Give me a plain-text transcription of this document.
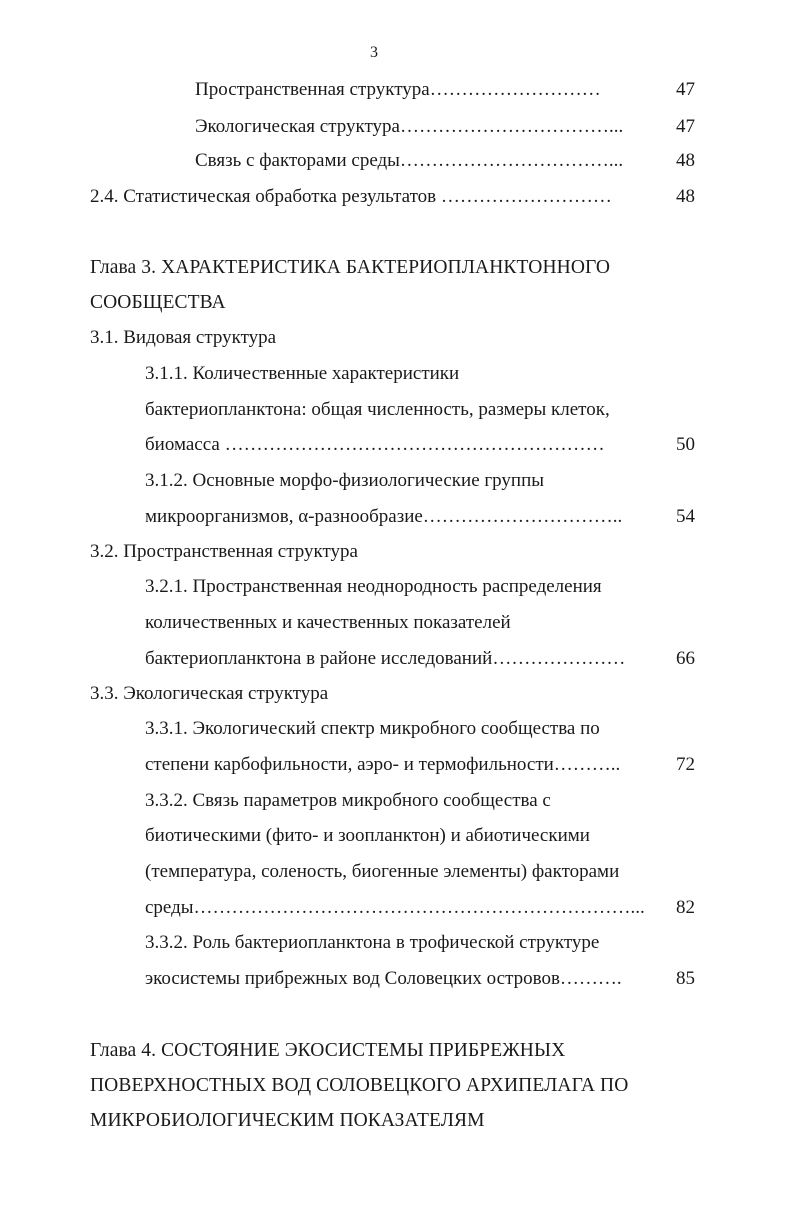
3
Пространственная структура………………………	47
Экологическая структура……………………………...	47
Связь с факторами среды……………………………...	48
2.4. Статистическая обработка результатов ………………………	48
Глава 3. ХАРАКТЕРИСТИКА БАКТЕРИОПЛАНКТОННОГО
СООБЩЕСТВА
3.1. Видовая структура
3.1.1. Количественные характеристики
бактериопланктона: общая численность, размеры клеток,
биомасса ……………………………………………………	50
3.1.2. Основные морфо-физиологические группы
микроорганизмов, α-разнообразие…………………………..	54
3.2. Пространственная структура
3.2.1. Пространственная неоднородность распределения
количественных и качественных показателей
бактериопланктона в районе исследований…………………	66
3.3. Экологическая структура
3.3.1. Экологический спектр микробного сообщества по
степени карбофильности, аэро- и термофильности………..	72
3.3.2. Связь параметров микробного сообщества с
биотическими (фито- и зоопланктон) и абиотическими
(температура, соленость, биогенные элементы) факторами
среды……………………………………………………………... 82
3.3.2. Роль бактериопланктона в трофической структуре
экосистемы прибрежных вод Соловецких островов……….	85
Глава 4. СОСТОЯНИЕ ЭКОСИСТЕМЫ ПРИБРЕЖНЫХ
ПОВЕРХНОСТНЫХ ВОД СОЛОВЕЦКОГО АРХИПЕЛАГА ПО
МИКРОБИОЛОГИЧЕСКИМ ПОКАЗАТЕЛЯМ
